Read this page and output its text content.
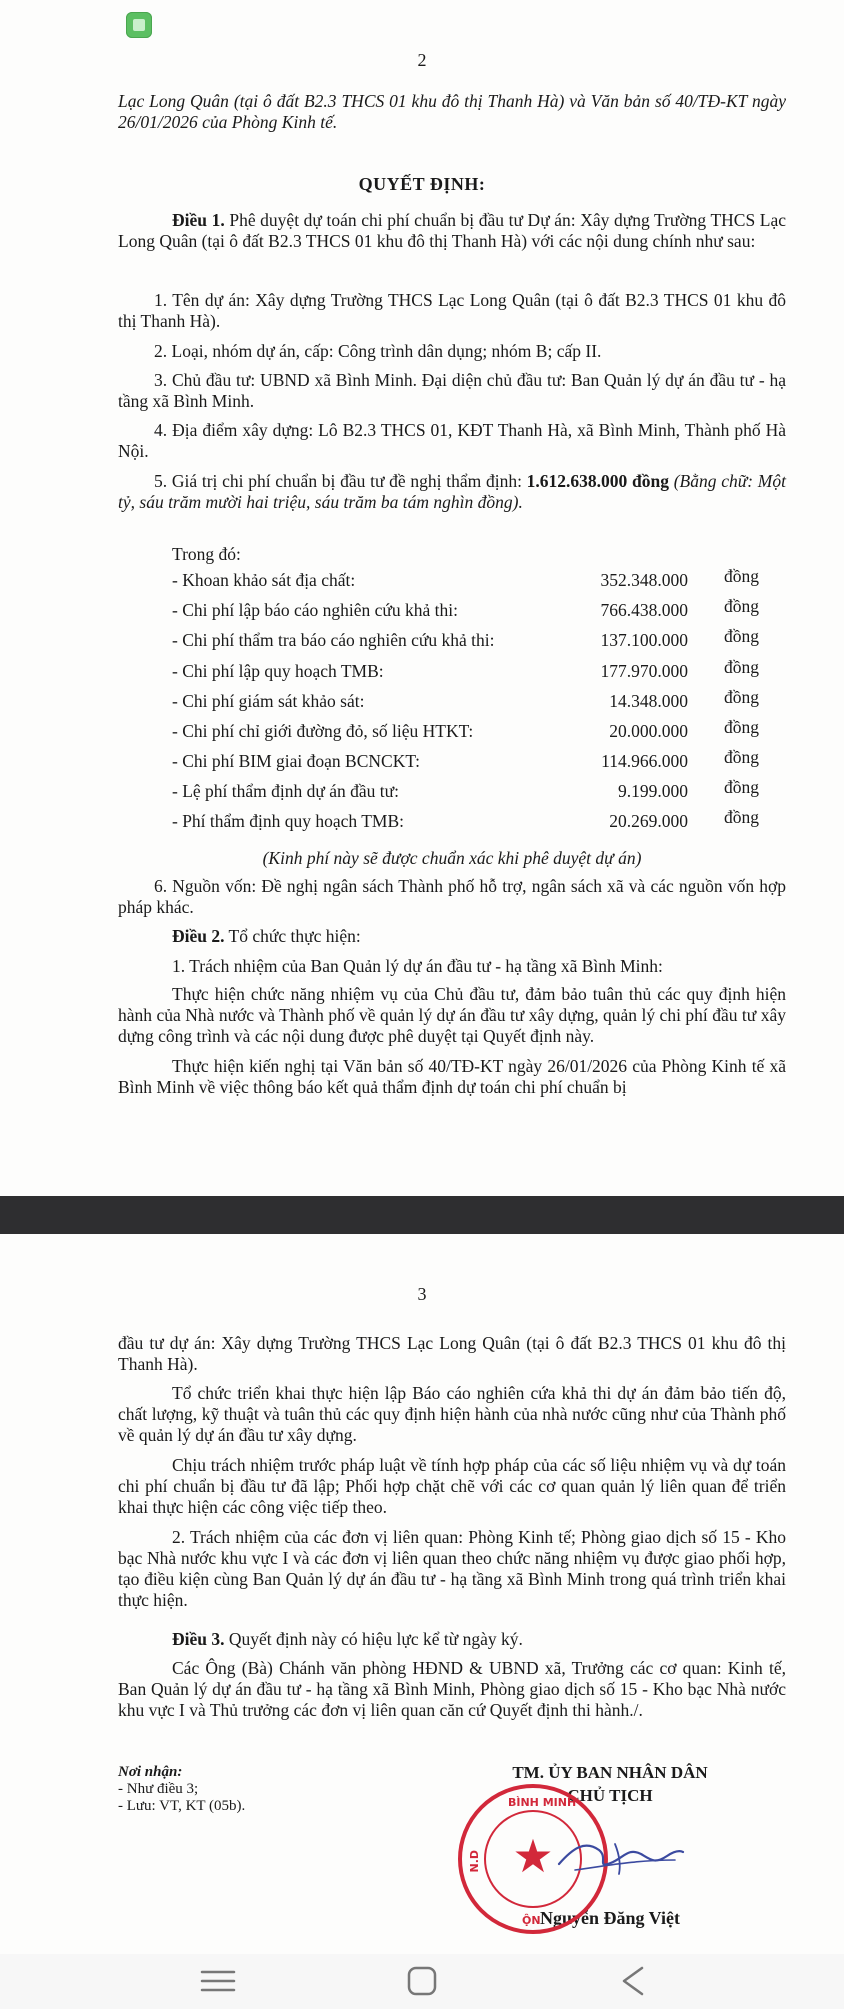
2

Lạc Long Quân (tại ô đất B2.3 THCS 01 khu đô thị Thanh Hà) và Văn bản số 40/TĐ-KT ngày 26/01/2026 của Phòng Kinh tế.

QUYẾT ĐỊNH:

Điều 1. Phê duyệt dự toán chi phí chuẩn bị đầu tư Dự án: Xây dựng Trường THCS Lạc Long Quân (tại ô đất B2.3 THCS 01 khu đô thị Thanh Hà) với các nội dung chính như sau:

1. Tên dự án: Xây dựng Trường THCS Lạc Long Quân (tại ô đất B2.3 THCS 01 khu đô thị Thanh Hà).

2. Loại, nhóm dự án, cấp: Công trình dân dụng; nhóm B; cấp II.

3. Chủ đầu tư: UBND xã Bình Minh. Đại diện chủ đầu tư: Ban Quản lý dự án đầu tư - hạ tầng xã Bình Minh.

4. Địa điểm xây dựng: Lô B2.3 THCS 01, KĐT Thanh Hà, xã Bình Minh, Thành phố Hà Nội.

5. Giá trị chi phí chuẩn bị đầu tư đề nghị thẩm định: 1.612.638.000 đồng (Bằng chữ: Một tỷ, sáu trăm mười hai triệu, sáu trăm ba tám nghìn đồng).

Trong đó:
- Khoan khảo sát địa chất:	352.348.000 đồng
- Chi phí lập báo cáo nghiên cứu khả thi:	766.438.000 đồng
- Chi phí thẩm tra báo cáo nghiên cứu khả thi:	137.100.000 đồng
- Chi phí lập quy hoạch TMB:	177.970.000 đồng
- Chi phí giám sát khảo sát:	14.348.000 đồng
- Chi phí chỉ giới đường đỏ, số liệu HTKT:	20.000.000 đồng
- Chi phí BIM giai đoạn BCNCKT:	114.966.000 đồng
- Lệ phí thẩm định dự án đầu tư:	9.199.000 đồng
- Phí thẩm định quy hoạch TMB:	20.269.000 đồng
(Kinh phí này sẽ được chuẩn xác khi phê duyệt dự án)

6. Nguồn vốn: Đề nghị ngân sách Thành phố hỗ trợ, ngân sách xã và các nguồn vốn hợp pháp khác.

Điều 2. Tổ chức thực hiện:

1. Trách nhiệm của Ban Quản lý dự án đầu tư - hạ tầng xã Bình Minh:

Thực hiện chức năng nhiệm vụ của Chủ đầu tư, đảm bảo tuân thủ các quy định hiện hành của Nhà nước và Thành phố về quản lý dự án đầu tư xây dựng, quản lý chi phí đầu tư xây dựng công trình và các nội dung được phê duyệt tại Quyết định này.

Thực hiện kiến nghị tại Văn bản số 40/TĐ-KT ngày 26/01/2026 của Phòng Kinh tế xã Bình Minh về việc thông báo kết quả thẩm định dự toán chi phí chuẩn bị

3

đầu tư dự án: Xây dựng Trường THCS Lạc Long Quân (tại ô đất B2.3 THCS 01 khu đô thị Thanh Hà).

Tổ chức triển khai thực hiện lập Báo cáo nghiên cứa khả thi dự án đảm bảo tiến độ, chất lượng, kỹ thuật và tuân thủ các quy định hiện hành của nhà nước cũng như của Thành phố về quản lý dự án đầu tư xây dựng.

Chịu trách nhiệm trước pháp luật về tính hợp pháp của các số liệu nhiệm vụ và dự toán chi phí chuẩn bị đầu tư đã lập; Phối hợp chặt chẽ với các cơ quan quản lý liên quan để triển khai thực hiện các công việc tiếp theo.

2. Trách nhiệm của các đơn vị liên quan: Phòng Kinh tế; Phòng giao dịch số 15 - Kho bạc Nhà nước khu vực I và các đơn vị liên quan theo chức năng nhiệm vụ được giao phối hợp, tạo điều kiện cùng Ban Quản lý dự án đầu tư - hạ tầng xã Bình Minh trong quá trình triển khai thực hiện.

Điều 3. Quyết định này có hiệu lực kể từ ngày ký.

Các Ông (Bà) Chánh văn phòng HĐND & UBND xã, Trưởng các cơ quan: Kinh tế, Ban Quản lý dự án đầu tư - hạ tầng xã Bình Minh, Phòng giao dịch số 15 - Kho bạc Nhà nước khu vực I và Thủ trưởng các đơn vị liên quan căn cứ Quyết định thi hành./.

Nơi nhận:
- Như điều 3;
- Lưu: VT, KT (05b).
TM. ỦY BAN NHÂN DÂN
CHỦ TỊCH
Nguyễn Đăng Việt
★
BÌNH MINH
N.D
ỘN
